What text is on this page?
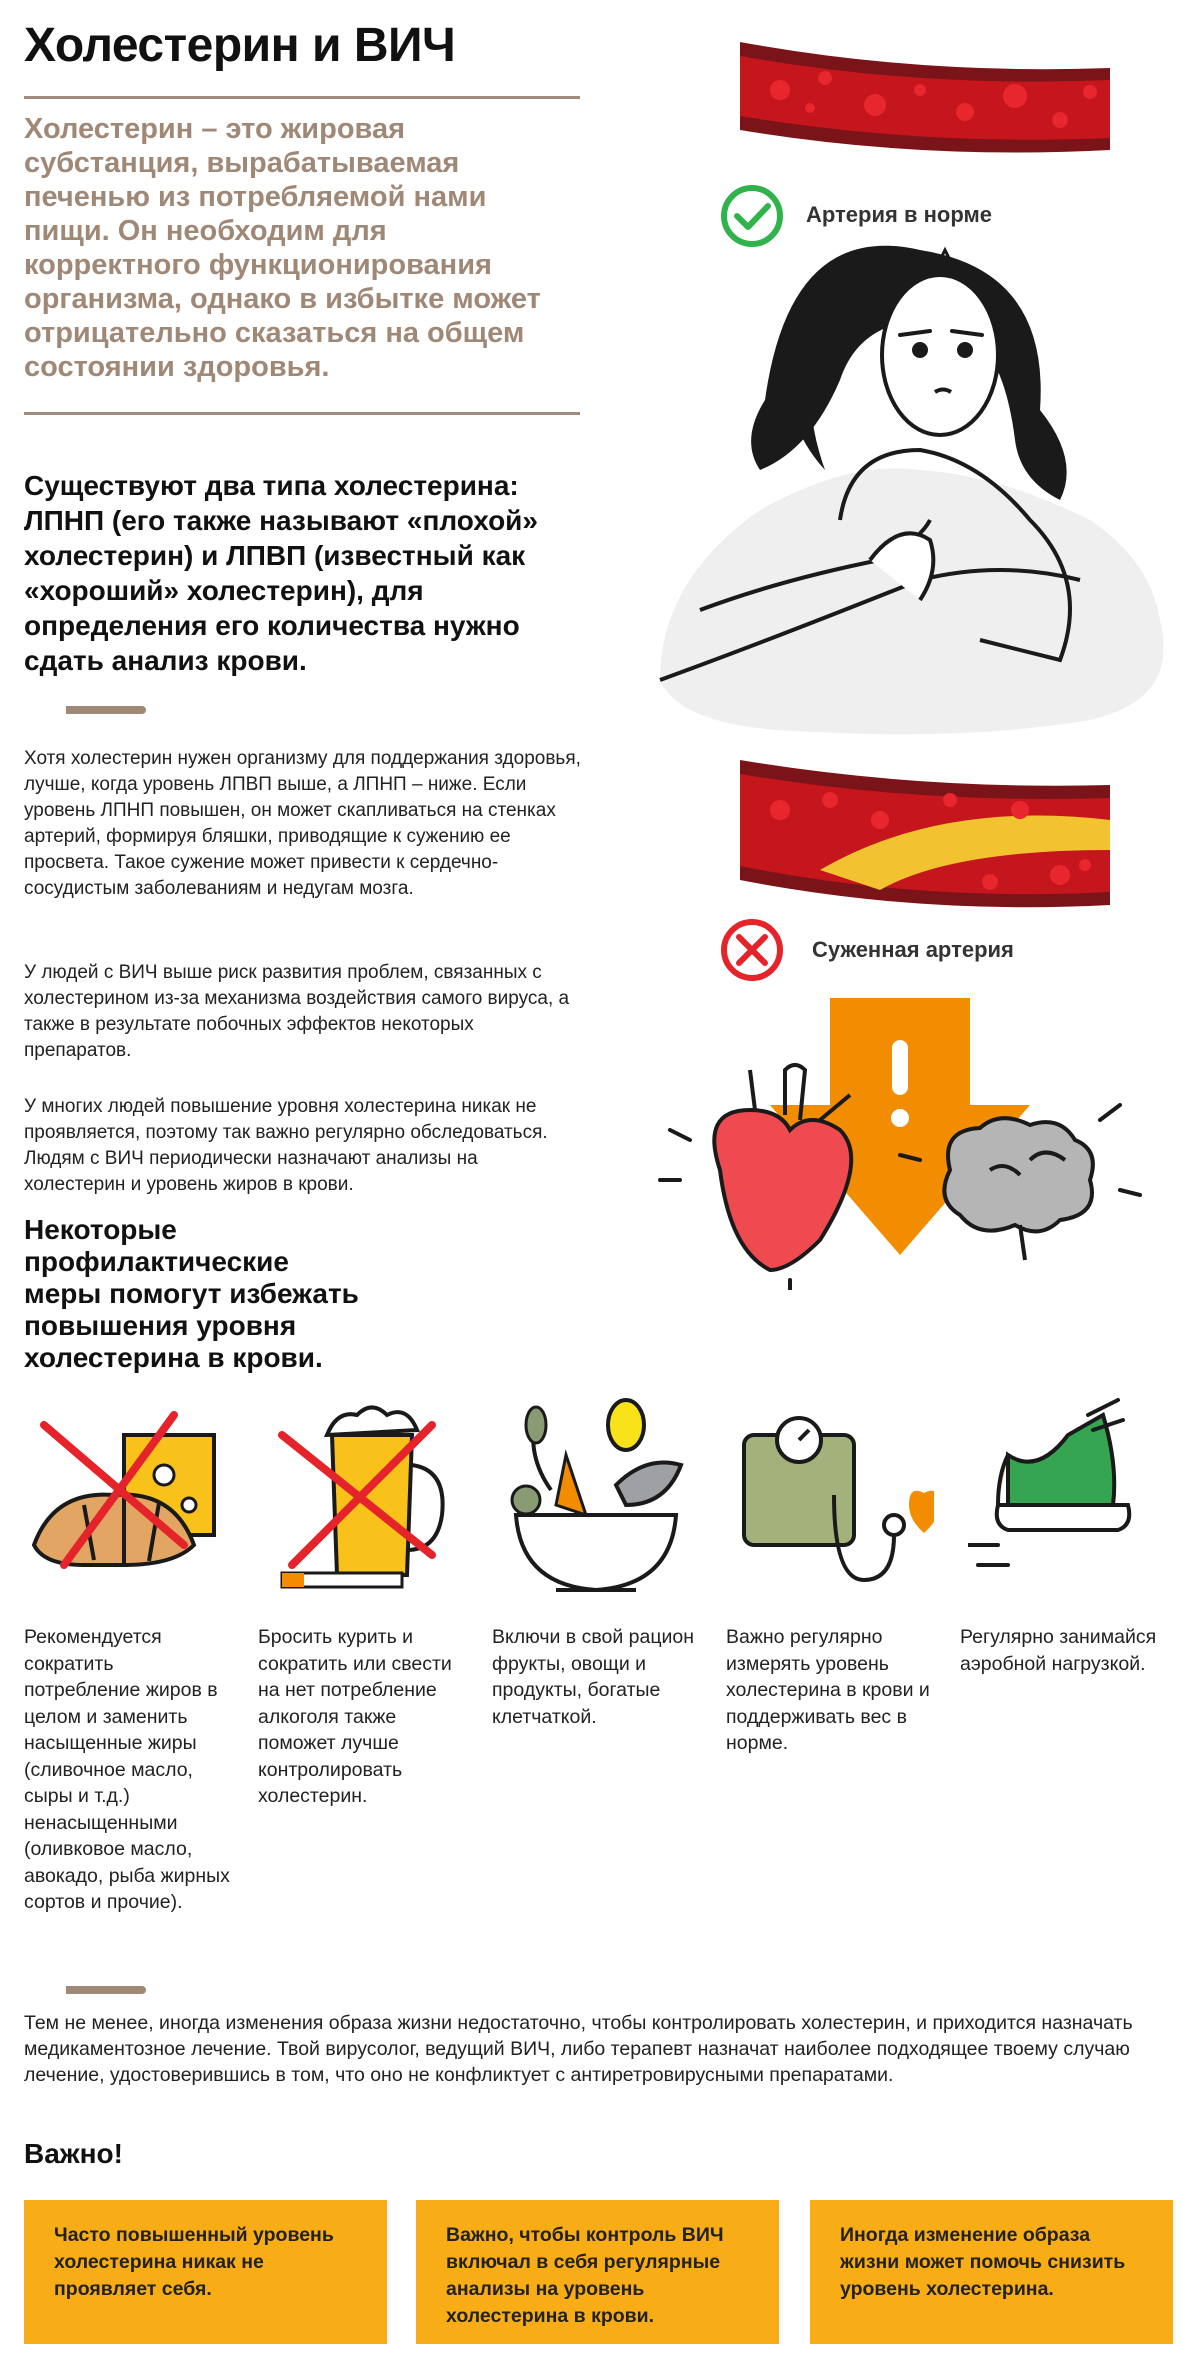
Холестерин и ВИЧ

Холестерин – это жировая субстанция, вырабатываемая печенью из потребляемой нами пищи. Он необходим для корректного функционирования организма, однако в избытке может отрицательно сказаться на общем состоянии здоровья.

Существуют два типа холестерина: ЛПНП (его также называют «плохой» холестерин) и ЛПВП (известный как «хороший» холестерин), для определения его количества нужно сдать анализ крови.

Хотя холестерин нужен организму для поддержания здоровья, лучше, когда уровень ЛПВП выше, а ЛПНП – ниже. Если уровень ЛПНП повышен, он может скапливаться на стенках артерий, формируя бляшки, приводящие к сужению ее просвета. Такое сужение может привести к сердечно-сосудистым заболеваниям и недугам мозга.

У людей с ВИЧ выше риск развития проблем, связанных с холестерином из-за механизма воздействия самого вируса, а также в результате побочных эффектов некоторых препаратов.

У многих людей повышение уровня холестерина никак не проявляется, поэтому так важно регулярно обследоваться. Людям с ВИЧ периодически назначают анализы на холестерин и уровень жиров в крови.

Артерия в норме
Суженная артерия

Некоторые профилактические меры помогут избежать повышения уровня холестерина в крови.

Рекомендуется сократить потребление жиров в целом и заменить насыщенные жиры (сливочное масло, сыры и т.д.) ненасыщенными (оливковое масло, авокадо, рыба жирных сортов и прочие).

Бросить курить и сократить или свести на нет потребление алкоголя также поможет лучше контролировать холестерин.

Включи в свой рацион фрукты, овощи и продукты, богатые клетчаткой.

Важно регулярно измерять уровень холестерина в крови и поддерживать вес в норме.

Регулярно занимайся аэробной нагрузкой.

Тем не менее, иногда изменения образа жизни недостаточно, чтобы контролировать холестерин, и приходится назначать медикаментозное лечение. Твой вирусолог, ведущий ВИЧ, либо терапевт назначат наиболее подходящее твоему случаю лечение, удостоверившись в том, что оно не конфликтует с антиретровирусными препаратами.

Важно!

Часто повышенный уровень холестерина никак не проявляет себя.

Важно, чтобы контроль ВИЧ включал в себя регулярные анализы на уровень холестерина в крови.

Иногда изменение образа жизни может помочь снизить уровень холестерина.
